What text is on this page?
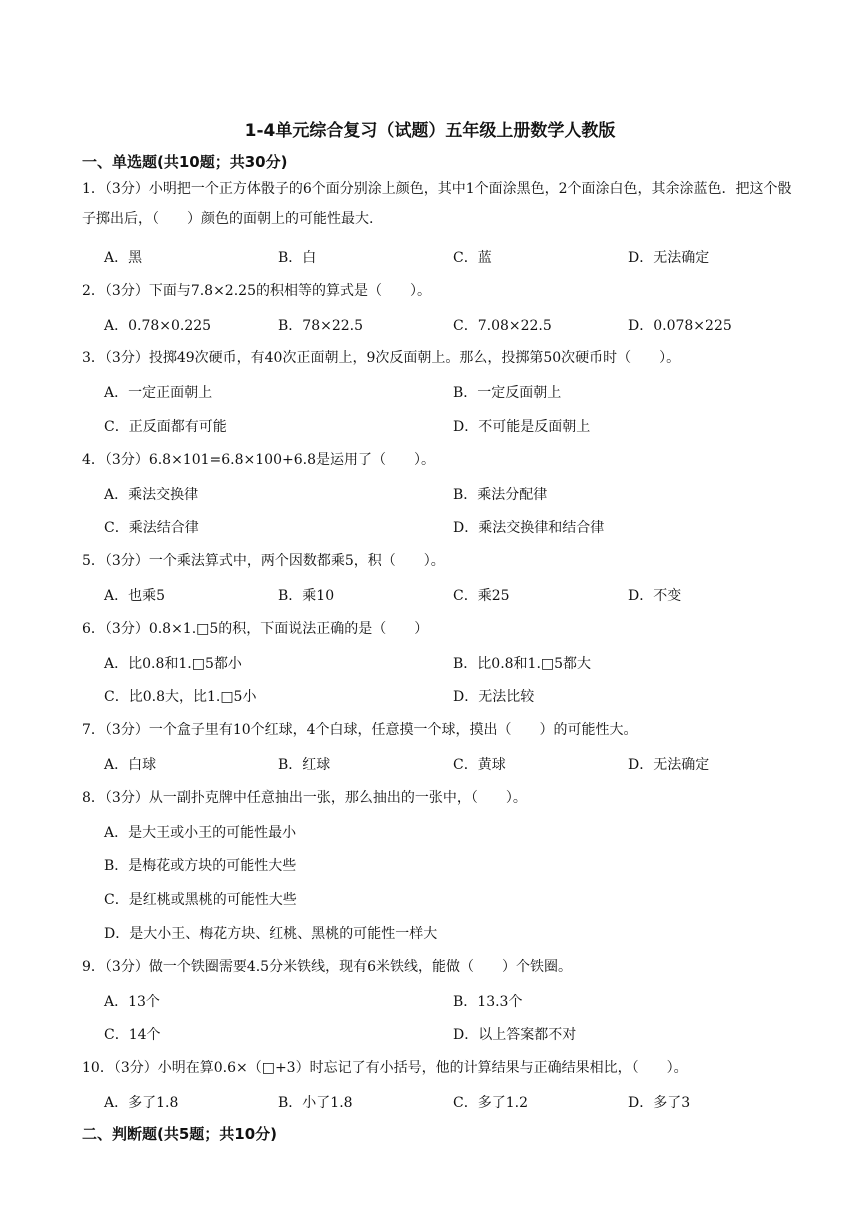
1-4单元综合复习（试题）五年级上册数学人教版
一、单选题(共10题；共30分)
1．（3分）小明把一个正方体骰子的6个面分别涂上颜色，其中1个面涂黑色，2个面涂白色，其余涂蓝色．把这个骰子掷出后，（　　）颜色的面朝上的可能性最大.
A．黑	B．白	C．蓝	D．无法确定
2．（3分）下面与7.8×2.25的积相等的算式是（　　）。
A．0.78×0.225	B．78×22.5	C．7.08×22.5	D．0.078×225
3．（3分）投掷49次硬币，有40次正面朝上，9次反面朝上。那么，投掷第50次硬币时（　　）。
A．一定正面朝上	B．一定反面朝上
C．正反面都有可能	D．不可能是反面朝上
4．（3分）6.8×101=6.8×100+6.8是运用了（　　）。
A．乘法交换律	B．乘法分配律
C．乘法结合律	D．乘法交换律和结合律
5．（3分）一个乘法算式中，两个因数都乘5，积（　　）。
A．也乘5	B．乘10	C．乘25	D．不变
6．（3分）0.8×1.□5的积，下面说法正确的是（　　）
A．比0.8和1.□5都小	B．比0.8和1.□5都大
C．比0.8大，比1.□5小	D．无法比较
7．（3分）一个盒子里有10个红球，4个白球，任意摸一个球，摸出（　　）的可能性大。
A．白球	B．红球	C．黄球	D．无法确定
8．（3分）从一副扑克牌中任意抽出一张，那么抽出的一张中，（　　）。
A．是大王或小王的可能性最小
B．是梅花或方块的可能性大些
C．是红桃或黑桃的可能性大些
D．是大小王、梅花方块、红桃、黑桃的可能性一样大
9．（3分）做一个铁圈需要4.5分米铁线，现有6米铁线，能做（　　）个铁圈。
A．13个	B．13.3个
C．14个	D．以上答案都不对
10．（3分）小明在算0.6×（□+3）时忘记了有小括号，他的计算结果与正确结果相比，（　　）。
A．多了1.8	B．小了1.8	C．多了1.2	D．多了3
二、判断题(共5题；共10分)
